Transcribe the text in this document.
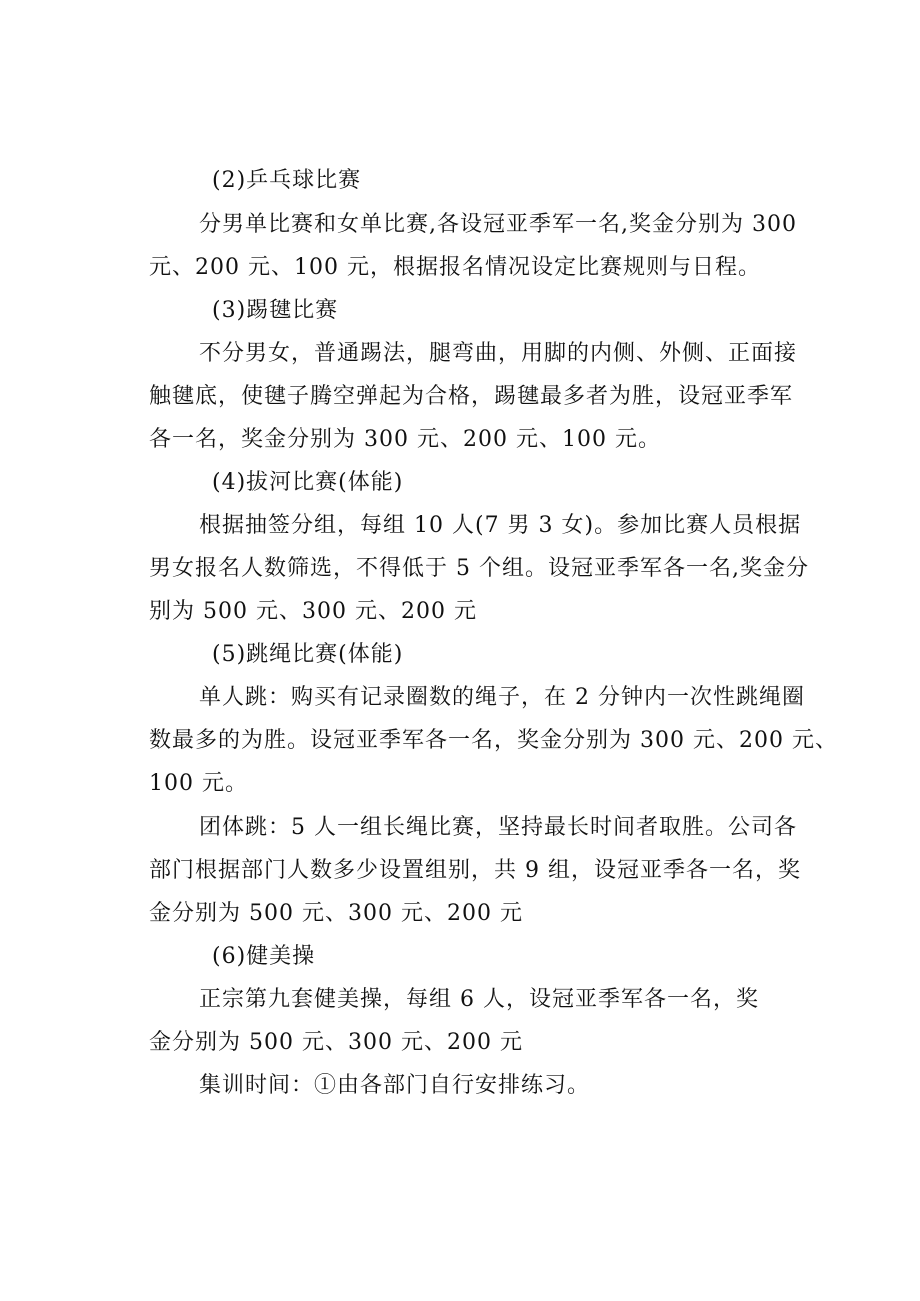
(2)乒乓球比赛
分男单比赛和女单比赛,各设冠亚季军一名,奖金分别为 300
元、200 元、100 元，根据报名情况设定比赛规则与日程。
(3)踢毽比赛
不分男女，普通踢法，腿弯曲，用脚的内侧、外侧、正面接
触毽底，使毽子腾空弹起为合格，踢毽最多者为胜，设冠亚季军
各一名，奖金分别为 300 元、200 元、100 元。
(4)拔河比赛(体能)
根据抽签分组，每组 10 人(7 男 3 女)。参加比赛人员根据
男女报名人数筛选，不得低于 5 个组。设冠亚季军各一名,奖金分
别为 500 元、300 元、200 元
(5)跳绳比赛(体能)
单人跳：购买有记录圈数的绳子，在 2 分钟内一次性跳绳圈
数最多的为胜。设冠亚季军各一名，奖金分别为 300 元、200 元、
100 元。
团体跳：5 人一组长绳比赛，坚持最长时间者取胜。公司各
部门根据部门人数多少设置组别，共 9 组，设冠亚季各一名，奖
金分别为 500 元、300 元、200 元
(6)健美操
正宗第九套健美操，每组 6 人，设冠亚季军各一名，奖
金分别为 500 元、300 元、200 元
集训时间：①由各部门自行安排练习。
